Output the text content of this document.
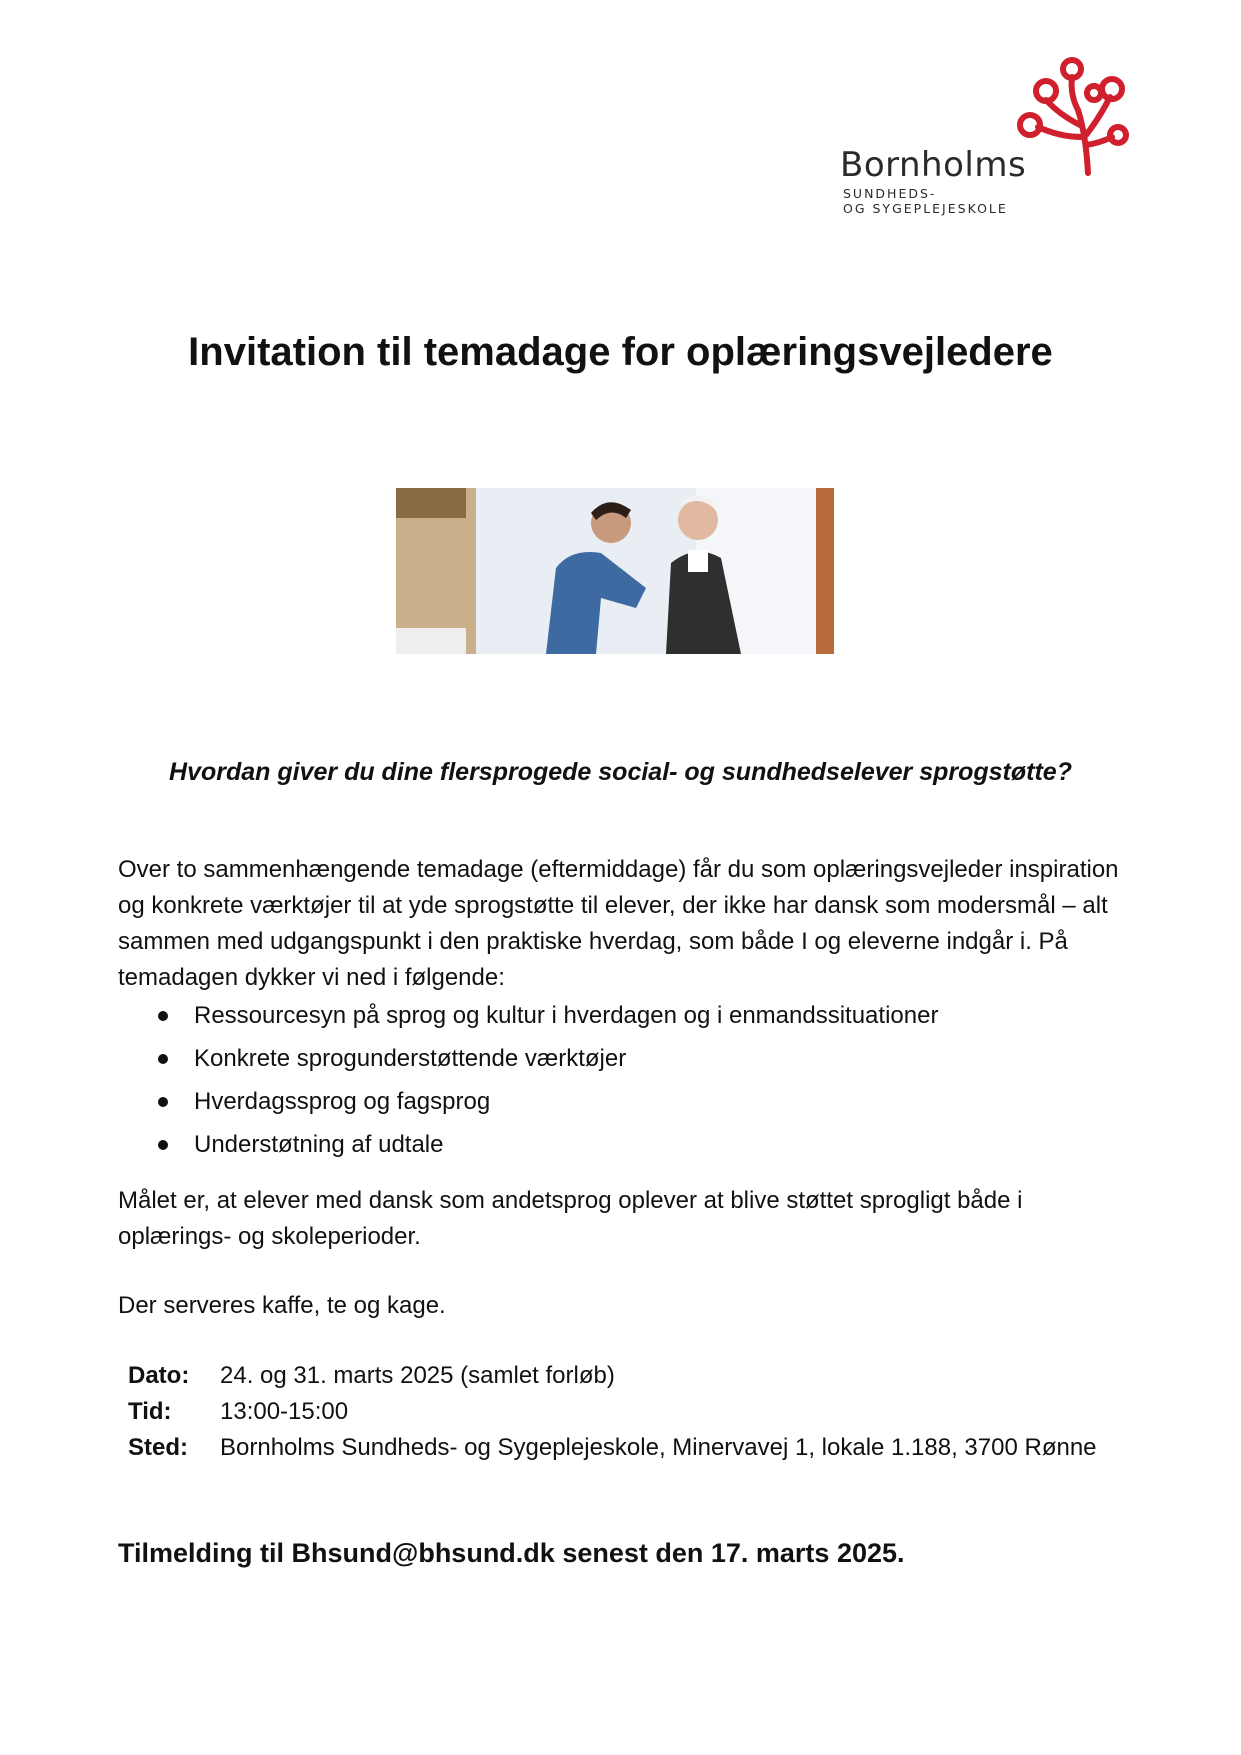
Bornholms
SUNDHEDS-
OG SYGEPLEJESKOLE
Invitation til temadage for oplæringsvejledere

Hvordan giver du dine flersprogede social- og sundhedselever sprogstøtte?

Over to sammenhængende temadage (eftermiddage) får du som oplæringsvejleder inspiration og konkrete værktøjer til at yde sprogstøtte til elever, der ikke har dansk som modersmål – alt sammen med udgangspunkt i den praktiske hverdag, som både I og eleverne indgår i. På temadagen dykker vi ned i følgende:

Ressourcesyn på sprog og kultur i hverdagen og i enmandssituationer
Konkrete sprogunderstøttende værktøjer
Hverdagssprog og fagsprog
Understøtning af udtale

Målet er, at elever med dansk som andetsprog oplever at blive støttet sprogligt både i oplærings- og skoleperioder.

Der serveres kaffe, te og kage.

Dato:	24. og 31. marts 2025 (samlet forløb)
Tid:	13:00-15:00
Sted:	Bornholms Sundheds- og Sygeplejeskole, Minervavej 1, lokale 1.188, 3700 Rønne

Tilmelding til Bhsund@bhsund.dk senest den 17. marts 2025.
